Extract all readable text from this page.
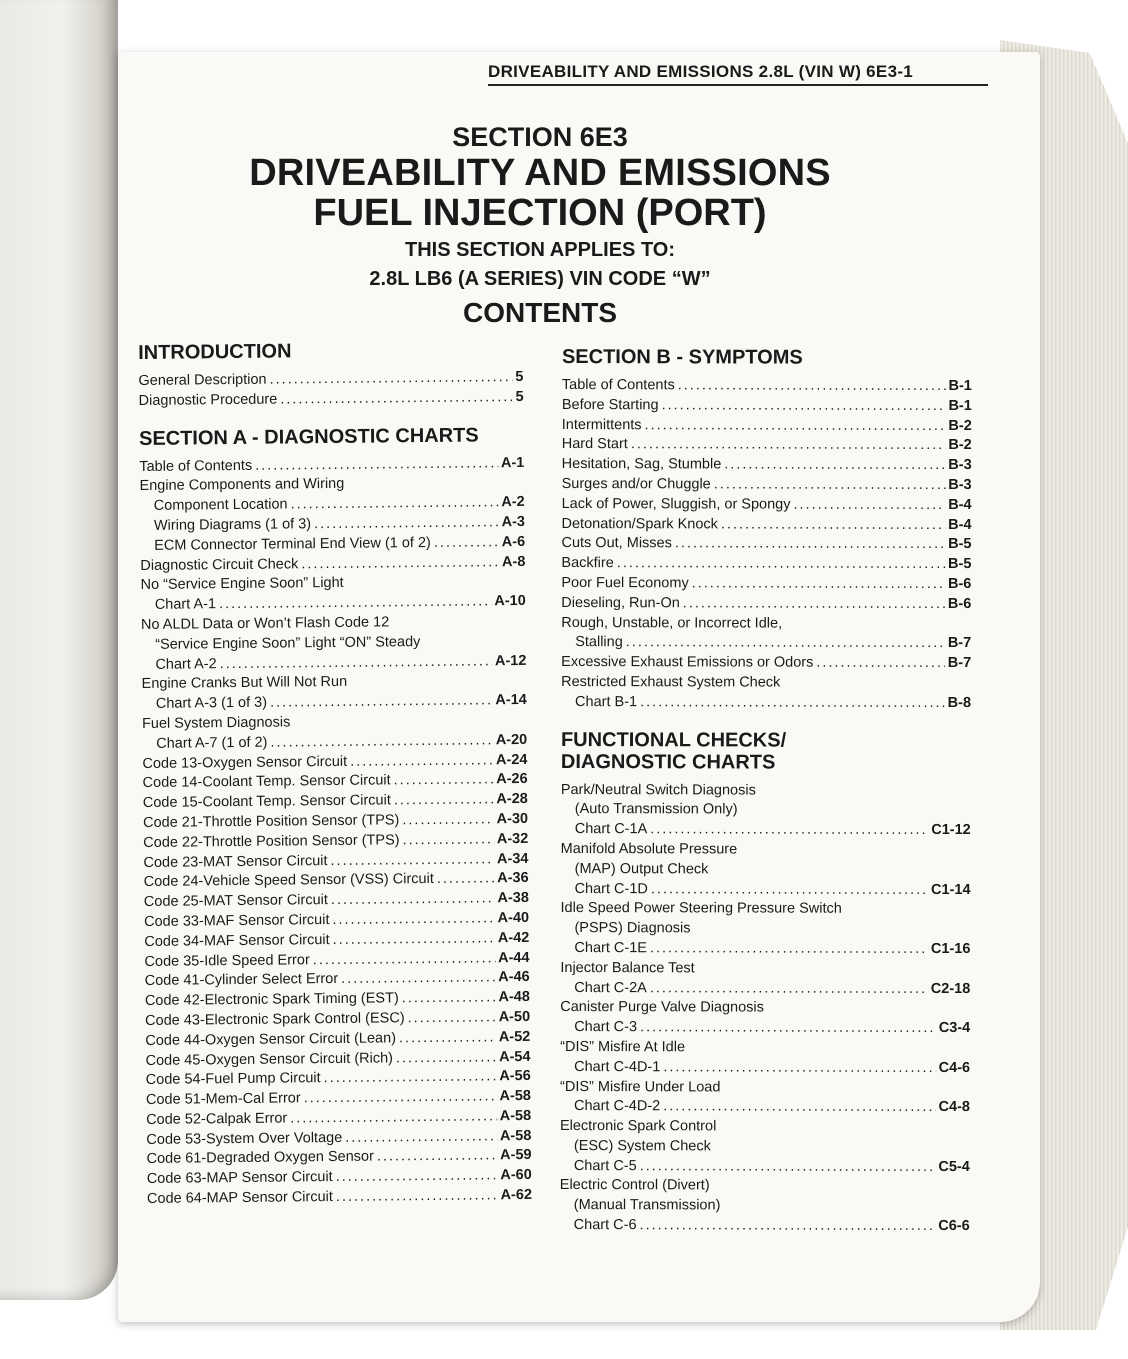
DRIVEABILITY AND EMISSIONS 2.8L (VIN W) 6E3-1
SECTION 6E3
DRIVEABILITY AND EMISSIONS
FUEL INJECTION (PORT)
THIS SECTION APPLIES TO:
2.8L LB6 (A SERIES) VIN CODE “W”
CONTENTS
INTRODUCTION
General Description .....	5
Diagnostic Procedure .....	5
SECTION A - DIAGNOSTIC CHARTS
Table of Contents .....	A-1
Engine Components and Wiring
Component Location .....	A-2
Wiring Diagrams (1 of 3) .....	A-3
ECM Connector Terminal End View (1 of 2) .....	A-6
Diagnostic Circuit Check .....	A-8
No “Service Engine Soon” Light
Chart A-1 .....	A-10
No ALDL Data or Won’t Flash Code 12
“Service Engine Soon” Light “ON” Steady
Chart A-2 .....	A-12
Engine Cranks But Will Not Run
Chart A-3 (1 of 3) .....	A-14
Fuel System Diagnosis
Chart A-7 (1 of 2) .....	A-20
Code 13-Oxygen Sensor Circuit .....	A-24
Code 14-Coolant Temp. Sensor Circuit .....	A-26
Code 15-Coolant Temp. Sensor Circuit .....	A-28
Code 21-Throttle Position Sensor (TPS) .....	A-30
Code 22-Throttle Position Sensor (TPS) .....	A-32
Code 23-MAT Sensor Circuit .....	A-34
Code 24-Vehicle Speed Sensor (VSS) Circuit .....	A-36
Code 25-MAT Sensor Circuit .....	A-38
Code 33-MAF Sensor Circuit .....	A-40
Code 34-MAF Sensor Circuit .....	A-42
Code 35-Idle Speed Error .....	A-44
Code 41-Cylinder Select Error .....	A-46
Code 42-Electronic Spark Timing (EST) .....	A-48
Code 43-Electronic Spark Control (ESC) .....	A-50
Code 44-Oxygen Sensor Circuit (Lean) .....	A-52
Code 45-Oxygen Sensor Circuit (Rich) .....	A-54
Code 54-Fuel Pump Circuit .....	A-56
Code 51-Mem-Cal Error .....	A-58
Code 52-Calpak Error .....	A-58
Code 53-System Over Voltage .....	A-58
Code 61-Degraded Oxygen Sensor .....	A-59
Code 63-MAP Sensor Circuit .....	A-60
Code 64-MAP Sensor Circuit .....	A-62
SECTION B - SYMPTOMS
Table of Contents .....	B-1
Before Starting .....	B-1
Intermittents .....	B-2
Hard Start .....	B-2
Hesitation, Sag, Stumble .....	B-3
Surges and/or Chuggle .....	B-3
Lack of Power, Sluggish, or Spongy .....	B-4
Detonation/Spark Knock .....	B-4
Cuts Out, Misses .....	B-5
Backfire .....	B-5
Poor Fuel Economy .....	B-6
Dieseling, Run-On .....	B-6
Rough, Unstable, or Incorrect Idle,
Stalling .....	B-7
Excessive Exhaust Emissions or Odors .....	B-7
Restricted Exhaust System Check
Chart B-1 .....	B-8
FUNCTIONAL CHECKS/
DIAGNOSTIC CHARTS
Park/Neutral Switch Diagnosis
(Auto Transmission Only)
Chart C-1A .....	C1-12
Manifold Absolute Pressure
(MAP) Output Check
Chart C-1D .....	C1-14
Idle Speed Power Steering Pressure Switch
(PSPS) Diagnosis
Chart C-1E .....	C1-16
Injector Balance Test
Chart C-2A .....	C2-18
Canister Purge Valve Diagnosis
Chart C-3 .....	C3-4
“DIS” Misfire At Idle
Chart C-4D-1 .....	C4-6
“DIS” Misfire Under Load
Chart C-4D-2 .....	C4-8
Electronic Spark Control
(ESC) System Check
Chart C-5 .....	C5-4
Electric Control (Divert)
(Manual Transmission)
Chart C-6 .....	C6-6
